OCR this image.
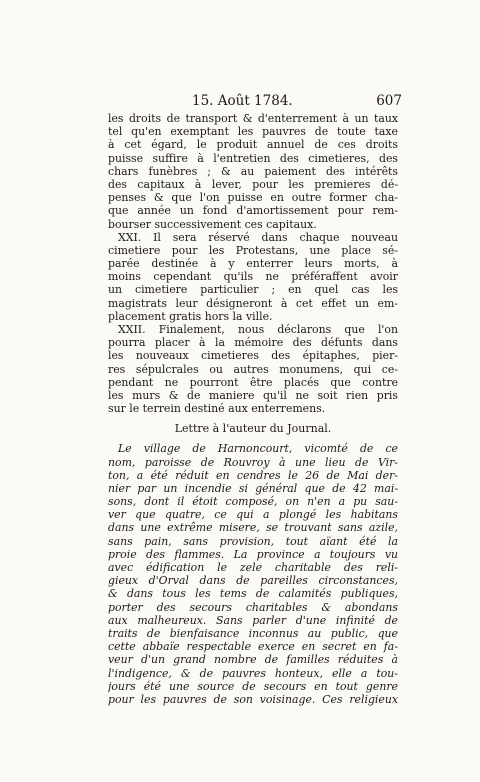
15. Août 1784.	607
les droits de transport & d'enterrement à un taux
tel qu'en exemptant les pauvres de toute taxe
à cet égard, le produit annuel de ces droits
puisse suffire à l'entretien des cimetieres, des
chars funèbres ; & au paiement des intérêts
des capitaux à lever, pour les premieres dé-
penses & que l'on puisse en outre former cha-
que année un fond d'amortissement pour rem-
bourser successivement ces capitaux.
XXI. Il sera réservé dans chaque nouveau
cimetiere pour les Protestans, une place sé-
parée destinée à y enterrer leurs morts, à
moins cependant qu'ils ne préféraffent avoir
un cimetiere particulier ; en quel cas les
magistrats leur désigneront à cet effet un em-
placement gratis hors la ville.
XXII. Finalement, nous déclarons que l'on
pourra placer à la mémoire des défunts dans
les nouveaux cimetieres des épitaphes, pier-
res sépulcrales ou autres monumens, qui ce-
pendant ne pourront être placés que contre
les murs & de maniere qu'il ne soit rien pris
sur le terrein destiné aux enterremens.
Lettre à l'auteur du Journal.
Le village de Harnoncourt, vicomté de ce
nom, paroisse de Rouvroy à une lieu de Vir-
ton, a été réduit en cendres le 26 de Mai der-
nier par un incendie si général que de 42 mai-
sons, dont il étoit composé, on n'en a pu sau-
ver que quatre, ce qui a plongé les habitans
dans une extrême misere, se trouvant sans azile,
sans pain, sans provision, tout aïant été la
proie des flammes. La province a toujours vu
avec édification le zele charitable des reli-
gieux d'Orval dans de pareilles circonstances,
& dans tous les tems de calamités publiques,
porter des secours charitables & abondans
aux malheureux. Sans parler d'une infinité de
traits de bienfaisance inconnus au public, que
cette abbaïe respectable exerce en secret en fa-
veur d'un grand nombre de familles réduites à
l'indigence, & de pauvres honteux, elle a tou-
jours été une source de secours en tout genre
pour les pauvres de son voisinage. Ces religieux
